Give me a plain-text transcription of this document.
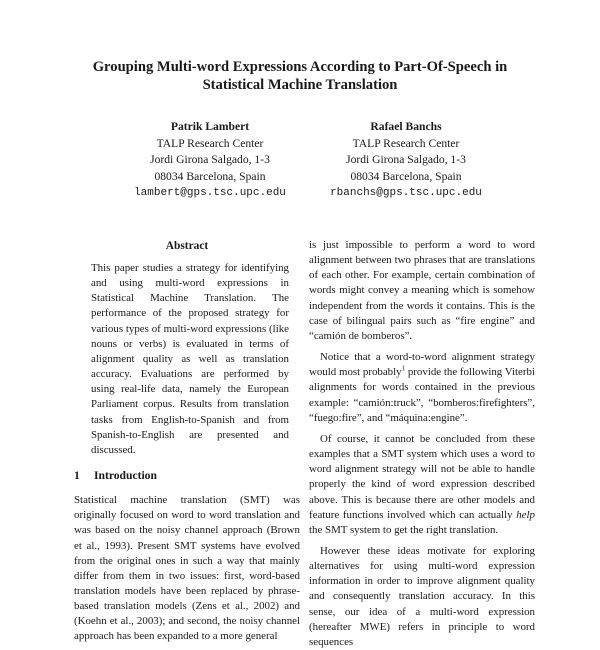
Grouping Multi-word Expressions According to Part-Of-Speech in
Statistical Machine Translation
Patrik Lambert
TALP Research Center
Jordi Girona Salgado, 1-3
08034 Barcelona, Spain
lambert@gps.tsc.upc.edu
Rafael Banchs
TALP Research Center
Jordi Girona Salgado, 1-3
08034 Barcelona, Spain
rbanchs@gps.tsc.upc.edu
Abstract
This paper studies a strategy for identifying and using multi-word expressions in Statistical Machine Translation. The performance of the proposed strategy for various types of multi-word expressions (like nouns or verbs) is evaluated in terms of alignment quality as well as translation accuracy. Evaluations are performed by using real-life data, namely the European Parliament corpus. Results from translation tasks from English-to-Spanish and from Spanish-to-English are presented and discussed.
1 Introduction

Statistical machine translation (SMT) was originally focused on word to word translation and was based on the noisy channel approach (Brown et al., 1993). Present SMT systems have evolved from the original ones in such a way that mainly differ from them in two issues: first, word-based translation models have been replaced by phrase-based translation models (Zens et al., 2002) and (Koehn et al., 2003); and second, the noisy channel approach has been expanded to a more general

is just impossible to perform a word to word alignment between two phrases that are translations of each other. For example, certain combination of words might convey a meaning which is somehow independent from the words it contains. This is the case of bilingual pairs such as “fire engine” and “camión de bomberos”.

Notice that a word-to-word alignment strategy would most probably$^1$ provide the following Viterbi alignments for words contained in the previous example: “camión:truck”, “bomberos:firefighters”, “fuego:fire”, and “máquina:engine”.

Of course, it cannot be concluded from these examples that a SMT system which uses a word to word alignment strategy will not be able to handle properly the kind of word expression described above. This is because there are other models and feature functions involved which can actually help the SMT system to get the right translation.

However these ideas motivate for exploring alternatives for using multi-word expression information in order to improve alignment quality and consequently translation accuracy. In this sense, our idea of a multi-word expression (hereafter MWE) refers in principle to word sequences
